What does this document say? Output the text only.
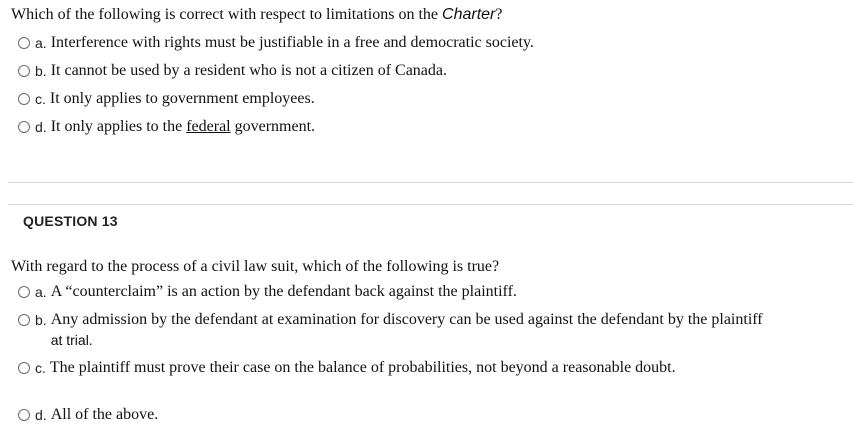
Which of the following is correct with respect to limitations on the Charter?

a. Interference with rights must be justifiable in a free and democratic society.
b. It cannot be used by a resident who is not a citizen of Canada.
c. It only applies to government employees.
d. It only applies to the federal government.
QUESTION 13

With regard to the process of a civil law suit, which of the following is true?

a. A “counterclaim” is an action by the defendant back against the plaintiff.
b. Any admission by the defendant at examination for discovery can be used against the defendant by the plaintiff
at trial.
c. The plaintiff must prove their case on the balance of probabilities, not beyond a reasonable doubt.
d. All of the above.
